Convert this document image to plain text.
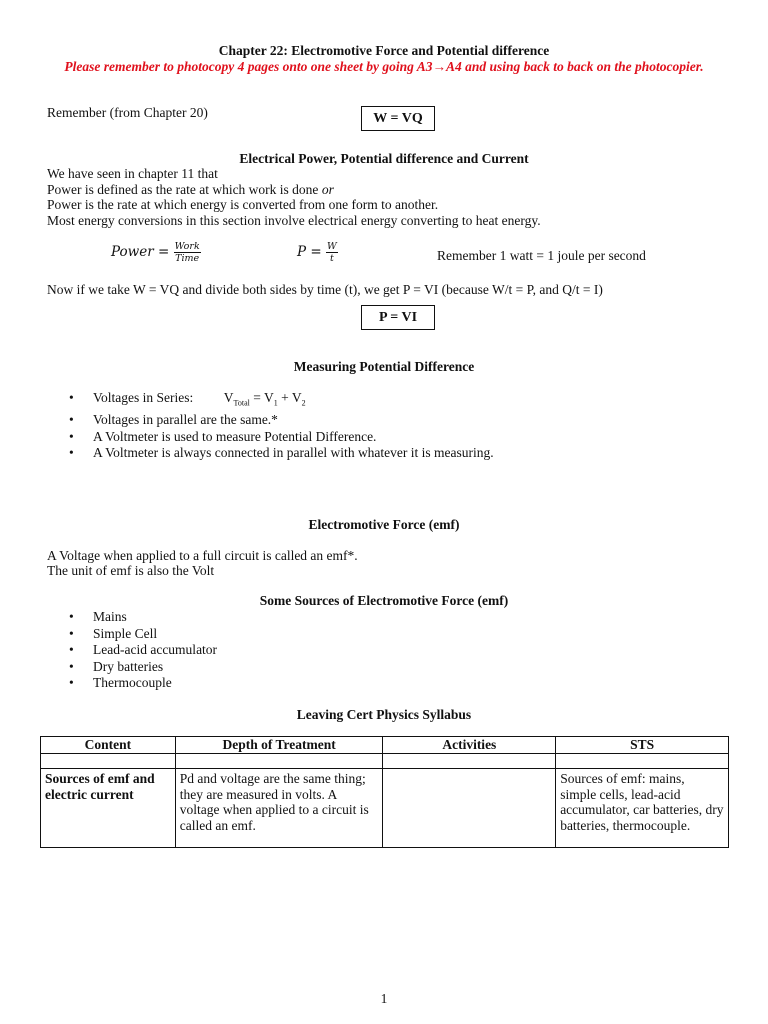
Chapter 22: Electromotive Force and Potential difference
Please remember to photocopy 4 pages onto one sheet by going A3→A4 and using back to back on the photocopier.
Remember (from Chapter 20)	W = VQ
Electrical Power, Potential difference and Current
We have seen in chapter 11 that
Power is defined as the rate at which work is done or
Power is the rate at which energy is converted from one form to another.
Most energy conversions in this section involve electrical energy converting to heat energy.
Power = $\frac{\text{Work}}{\text{Time}}$	$P = \frac{W}{t}$	Remember 1 watt = 1 joule per second
Now if we take W = VQ and divide both sides by time (t), we get P = VI (because W/t = P, and Q/t = I)
P = VI
Measuring Potential Difference
• Voltages in Series: $V_{Total} = V_1 + V_2$
• Voltages in parallel are the same.*
• A Voltmeter is used to measure Potential Difference.
• A Voltmeter is always connected in parallel with whatever it is measuring.
Electromotive Force (emf)
A Voltage when applied to a full circuit is called an emf*.
The unit of emf is also the Volt
Some Sources of Electromotive Force (emf)
• Mains
• Simple Cell
• Lead-acid accumulator
• Dry batteries
• Thermocouple
Leaving Cert Physics Syllabus
Content	Depth of Treatment	Activities	STS

Sources of emf and electric current	Pd and voltage are the same thing; they are measured in volts. A voltage when applied to a circuit is called an emf.		Sources of emf: mains, simple cells, lead-acid accumulator, car batteries, dry batteries, thermocouple.
1
